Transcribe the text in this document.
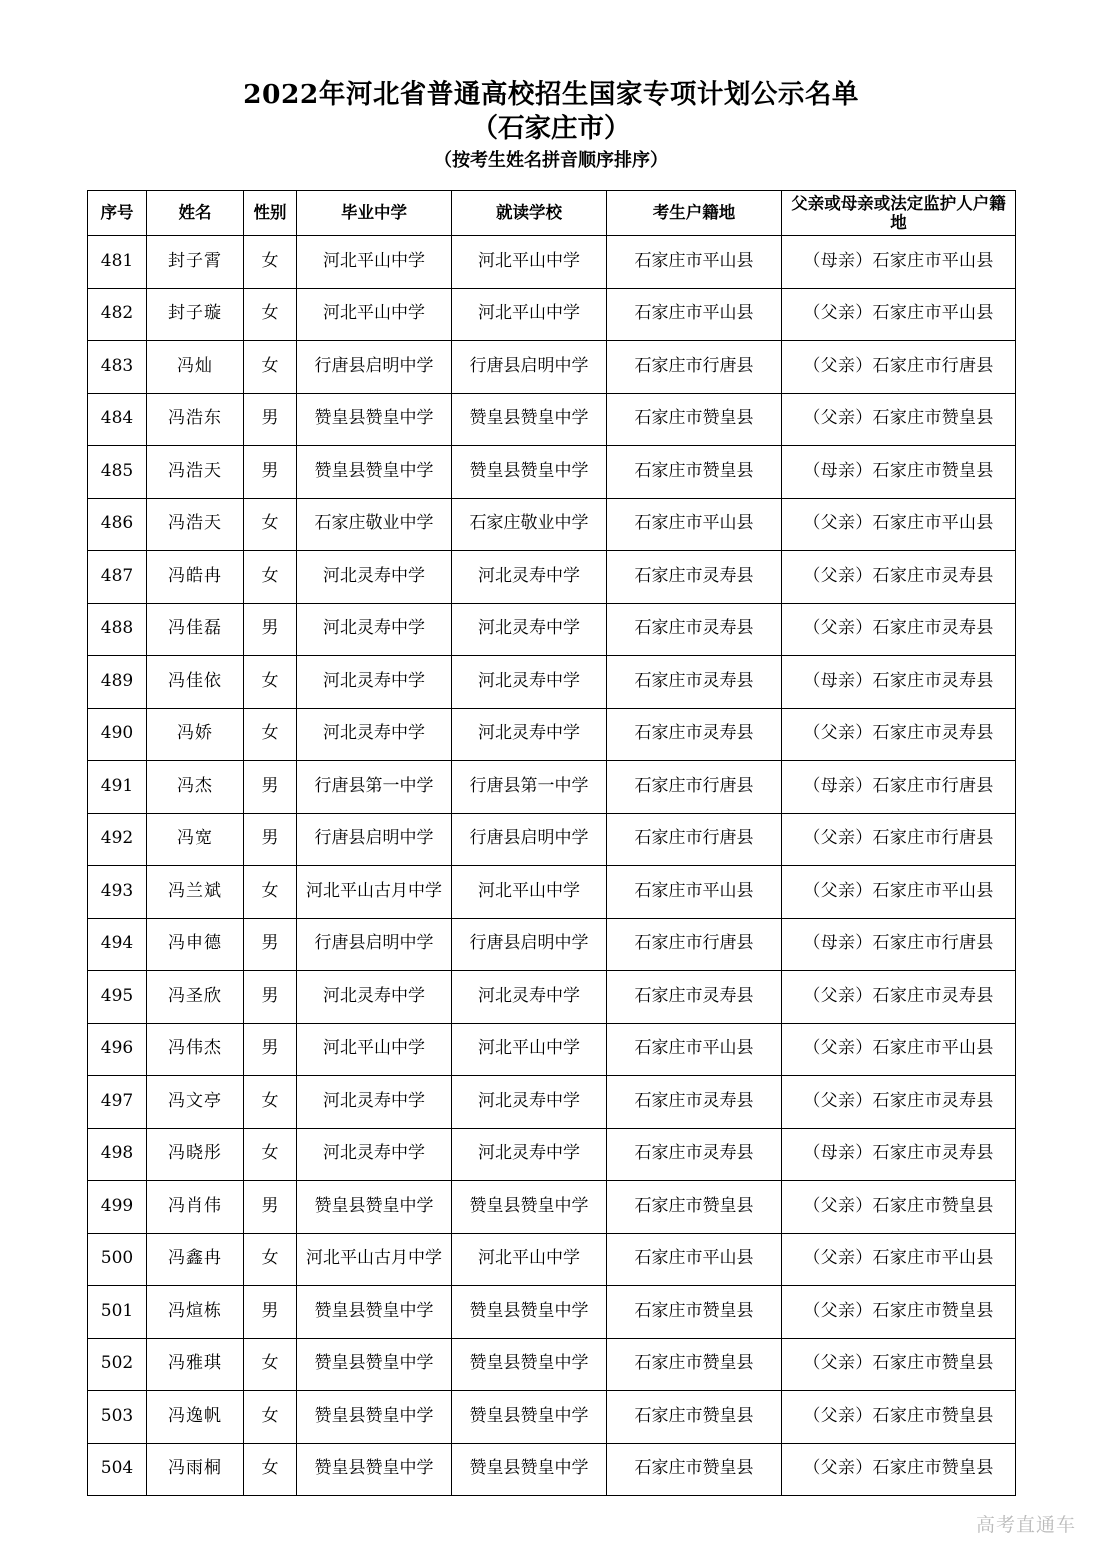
2022年河北省普通高校招生国家专项计划公示名单
（石家庄市）
（按考生姓名拼音顺序排序）
序号	姓名	性别	毕业中学	就读学校	考生户籍地	父亲或母亲或法定监护人户籍地

481	封子霄	女	河北平山中学	河北平山中学	石家庄市平山县	（母亲）石家庄市平山县

482	封子璇	女	河北平山中学	河北平山中学	石家庄市平山县	（父亲）石家庄市平山县

483	冯灿	女	行唐县启明中学	行唐县启明中学	石家庄市行唐县	（父亲）石家庄市行唐县

484	冯浩东	男	赞皇县赞皇中学	赞皇县赞皇中学	石家庄市赞皇县	（父亲）石家庄市赞皇县

485	冯浩天	男	赞皇县赞皇中学	赞皇县赞皇中学	石家庄市赞皇县	（母亲）石家庄市赞皇县

486	冯浩天	女	石家庄敬业中学	石家庄敬业中学	石家庄市平山县	（父亲）石家庄市平山县

487	冯皓冉	女	河北灵寿中学	河北灵寿中学	石家庄市灵寿县	（父亲）石家庄市灵寿县

488	冯佳磊	男	河北灵寿中学	河北灵寿中学	石家庄市灵寿县	（父亲）石家庄市灵寿县

489	冯佳依	女	河北灵寿中学	河北灵寿中学	石家庄市灵寿县	（母亲）石家庄市灵寿县

490	冯娇	女	河北灵寿中学	河北灵寿中学	石家庄市灵寿县	（父亲）石家庄市灵寿县

491	冯杰	男	行唐县第一中学	行唐县第一中学	石家庄市行唐县	（母亲）石家庄市行唐县

492	冯宽	男	行唐县启明中学	行唐县启明中学	石家庄市行唐县	（父亲）石家庄市行唐县

493	冯兰斌	女	河北平山古月中学	河北平山中学	石家庄市平山县	（父亲）石家庄市平山县

494	冯申德	男	行唐县启明中学	行唐县启明中学	石家庄市行唐县	（母亲）石家庄市行唐县

495	冯圣欣	男	河北灵寿中学	河北灵寿中学	石家庄市灵寿县	（父亲）石家庄市灵寿县

496	冯伟杰	男	河北平山中学	河北平山中学	石家庄市平山县	（父亲）石家庄市平山县

497	冯文亭	女	河北灵寿中学	河北灵寿中学	石家庄市灵寿县	（父亲）石家庄市灵寿县

498	冯晓彤	女	河北灵寿中学	河北灵寿中学	石家庄市灵寿县	（母亲）石家庄市灵寿县

499	冯肖伟	男	赞皇县赞皇中学	赞皇县赞皇中学	石家庄市赞皇县	（父亲）石家庄市赞皇县

500	冯鑫冉	女	河北平山古月中学	河北平山中学	石家庄市平山县	（父亲）石家庄市平山县

501	冯煊栋	男	赞皇县赞皇中学	赞皇县赞皇中学	石家庄市赞皇县	（父亲）石家庄市赞皇县

502	冯雅琪	女	赞皇县赞皇中学	赞皇县赞皇中学	石家庄市赞皇县	（父亲）石家庄市赞皇县

503	冯逸帆	女	赞皇县赞皇中学	赞皇县赞皇中学	石家庄市赞皇县	（父亲）石家庄市赞皇县

504	冯雨桐	女	赞皇县赞皇中学	赞皇县赞皇中学	石家庄市赞皇县	（父亲）石家庄市赞皇县
高考直通车
